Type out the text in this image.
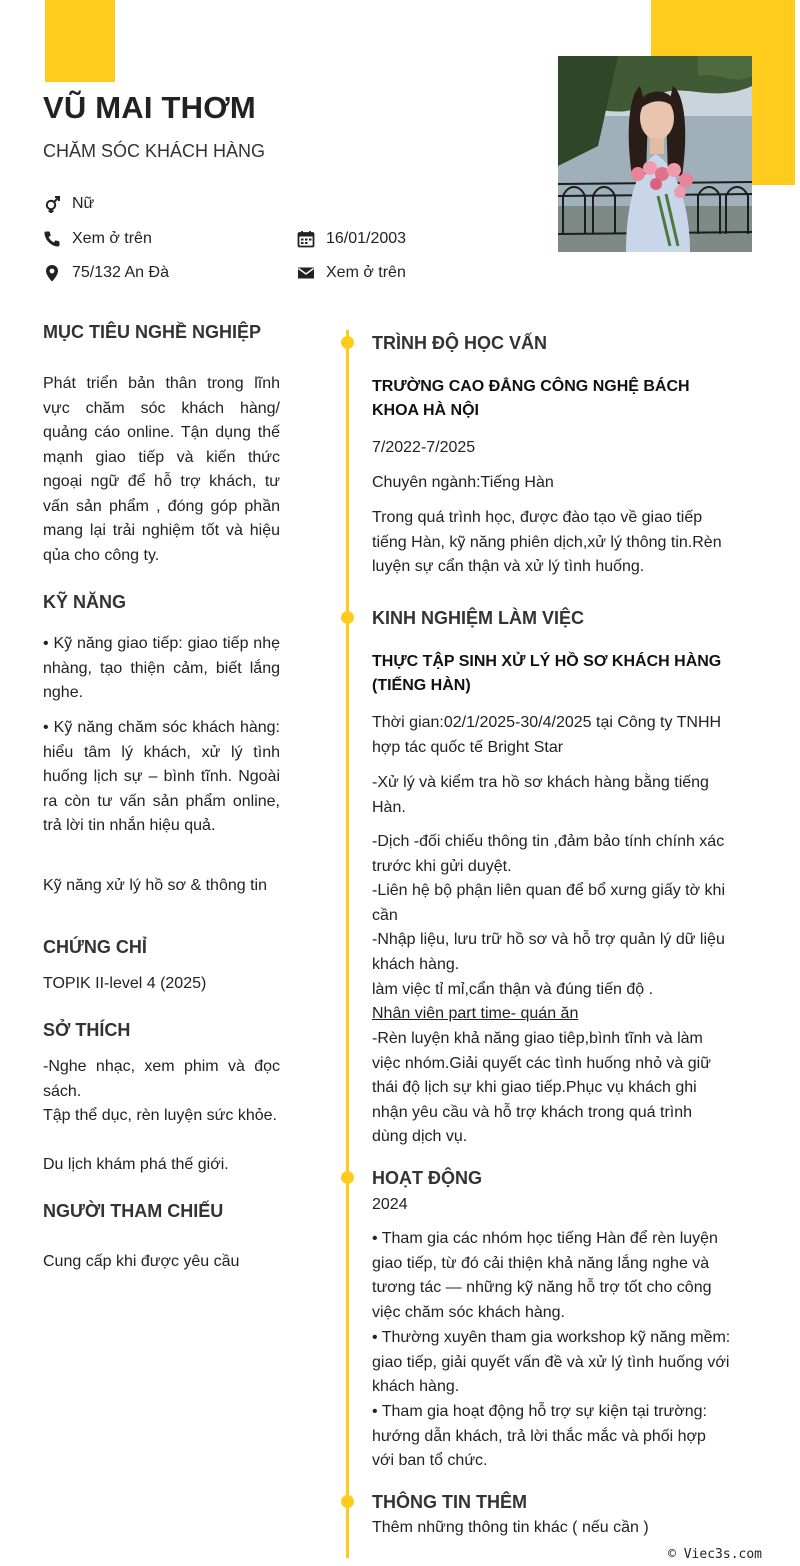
VŨ MAI THƠM
CHĂM SÓC KHÁCH HÀNG
Nữ
Xem ở trên	16/01/2003
75/132 An Đà	Xem ở trên
MỤC TIÊU NGHỀ NGHIỆP
Phát triển bản thân trong lĩnh vực chăm sóc khách hàng/ quảng cáo online. Tận dụng thế mạnh giao tiếp và kiến thức ngoại ngữ để hỗ trợ khách, tư vấn sản phẩm , đóng góp phần mang lại trải nghiệm tốt và hiệu qủa cho công ty.
KỸ NĂNG
• Kỹ năng giao tiếp: giao tiếp nhẹ nhàng, tạo thiện cảm, biết lắng nghe.
• Kỹ năng chăm sóc khách hàng: hiểu tâm lý khách, xử lý tình huống lịch sự – bình tĩnh. Ngoài ra còn tư vấn sản phẩm online, trả lời tin nhắn hiệu quả.
Kỹ năng xử lý hồ sơ & thông tin
CHỨNG CHỈ
TOPIK II-level 4 (2025)
SỞ THÍCH
-Nghe nhạc, xem phim và đọc sách.
Tập thể dục, rèn luyện sức khỏe.
Du lịch khám phá thế giới.
NGƯỜI THAM CHIẾU
Cung cấp khi được yêu cầu
TRÌNH ĐỘ HỌC VẤN
TRƯỜNG CAO ĐẲNG CÔNG NGHỆ BÁCH KHOA HÀ NỘI
7/2022-7/2025
Chuyên ngành:Tiếng Hàn
Trong quá trình học, được đào tạo về giao tiếp tiếng Hàn, kỹ năng phiên dịch,xử lý thông tin.Rèn luyện sự cẩn thận và xử lý tình huống.
KINH NGHIỆM LÀM VIỆC
THỰC TẬP SINH XỬ LÝ HỒ SƠ KHÁCH HÀNG (TIẾNG HÀN)
Thời gian:02/1/2025-30/4/2025 tại Công ty TNHH hợp tác quốc tế Bright Star
-Xử lý và kiểm tra hồ sơ khách hàng bằng tiếng Hàn.
-Dịch -đối chiếu thông tin ,đảm bảo tính chính xác trước khi gửi duyệt.
-Liên hệ bộ phận liên quan để bổ xưng giấy tờ khi cần
-Nhập liệu, lưu trữ hồ sơ và hỗ trợ quản lý dữ liệu khách hàng.
làm việc tỉ mỉ,cẩn thận và đúng tiến độ .
Nhân viên part time- quán ăn
-Rèn luyện khả năng giao tiêp,bình tĩnh và làm việc nhóm.Giải quyết các tình huống nhỏ và giữ thái độ lịch sự khi giao tiếp.Phục vụ khách ghi nhận yêu cầu và hỗ trợ khách trong quá trình dùng dịch vụ.
HOẠT ĐỘNG
2024
• Tham gia các nhóm học tiếng Hàn để rèn luyện giao tiếp, từ đó cải thiện khả năng lắng nghe và tương tác — những kỹ năng hỗ trợ tốt cho công việc chăm sóc khách hàng.
• Thường xuyên tham gia workshop kỹ năng mềm: giao tiếp, giải quyết vấn đề và xử lý tình huống với khách hàng.
• Tham gia hoạt động hỗ trợ sự kiện tại trường: hướng dẫn khách, trả lời thắc mắc và phối hợp với ban tổ chức.
THÔNG TIN THÊM
Thêm những thông tin khác ( nếu cần )
© Viec3s.com
